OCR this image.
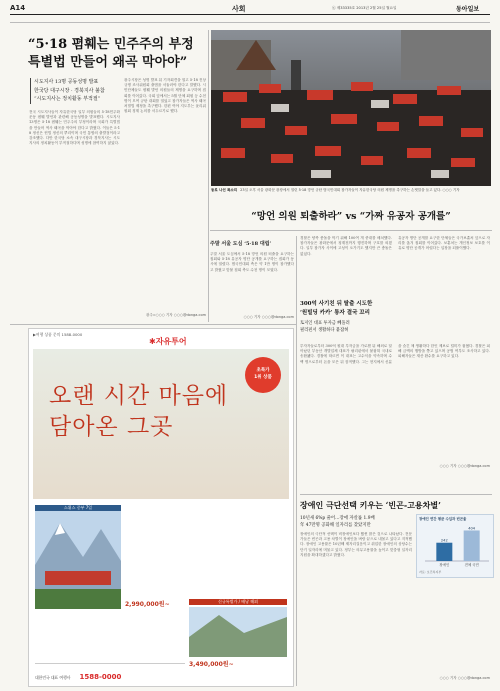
A14	사회	㉢ 제33335호 2013년 2월 25일 월요일	동아일보
“5·18 폄훼는 민주주의 부정
특별법 만들어 왜곡 막아야”
시도지사 13명 공동성명 발표
한국당 대구시장 · 경북지사 불참
“시도지사는 정치활동 부적절”
전국 시도지사들이 자유한국당 일부 의원들의 5·18민주화운동 폄훼 발언과 관련해 공동성명을 발표했다. 시도지사 13명은 5·18 폄훼는 민주주의 부정이라며 국회가 특별법을 만들어 역사 왜곡을 막아야 한다고 밝혔다. 이들은 5·18 정신은 헌법 정신의 뿌리이며 국민 통합의 출발점이라고 강조했다. 다만 한국당 소속 대구시장과 경북지사는 시도지사의 정치활동이 부적절하다며 성명에 참여하지 않았다.
광주시장은 성명 발표 뒤 기자회견을 열고 5·18 진상규명 조사위원회 출범을 서둘러야 한다고 말했다. 시민단체들도 폄훼 발언 의원들의 제명을 요구하며 집회를 이어갔다. 국회 앞에서는 5월 단체 회원 등 수천 명이 모여 규탄 대회를 열었고 참가자들은 역사 왜곡 처벌법 제정을 촉구했다. 한편 여야 지도부는 윤리위원회 징계 논의를 서두르기로 했다.
광주=○○○ 기자 ○○○@donga.com
동로 나선 복소리 23일 오후 서울 광화문 광장에서 열린 5·18 망언 규탄 범국민대회 참가자들이 자유한국당 의원 제명을 촉구하는 손팻말을 들고 있다. ○○○ 기자
“망언 의원 퇴출하라” vs “가짜 유공자 공개를”
주말 서울 도심 ‘5·18 대립’
주말 서울 도심에서 5·18 망언 의원 퇴출을 요구하는 집회와 5·18 유공자 명단 공개를 요구하는 집회가 동시에 열렸다. 범국민대회 측은 약 1만 명이 참가했다고 밝혔고 맞불 집회 측도 수천 명이 모였다.
○○○ 기자 ○○○@donga.com
경찰은 양측 충돌을 막기 위해 100여 개 중대를 배치했다. 참가자들은 광화문에서 청계천까지 행진하며 구호를 외쳤다. 일부 참가자 사이에 고성이 오가기도 했지만 큰 충돌은 없었다.
유공자 명단 공개를 요구한 단체들은 국가보훈처 앞으로 자리를 옮겨 집회를 이어갔다. 보훈처는 개인정보 보호를 이유로 명단 공개가 어렵다는 입장을 되풀이했다.
300억 사기친 뒤 탈출 시도한
‘원빌딩 카카’ 통자 결국 꼬리
토지인 대표 투자금 빼돌려
필리핀서 생활하다 붙잡혀
투자자들로부터 300억 원대 투자금을 가로챈 뒤 해외로 달아났던 부동산 개발업체 대표가 필리핀에서 붙잡혀 국내로 송환됐다. 경찰에 따르면 이 대표는 고수익을 약속하며 수백 명으로부터 돈을 모은 뒤 잠적했다. 그는 현지에서 신분을 숨긴 채 생활하다 한인 제보로 덜미가 잡혔다. 경찰은 피해 금액의 행방을 쫓고 있으며 공범 여부도 조사하고 있다. 피해자들은 재산 환수를 요구하고 있다.
○○○ 기자 ○○○@donga.com
▶여행 상품 문의 1588-0000
✱자유투어
오랜 시간 마음에 담아온 그곳
초특가
1위 상품
스위스 중부 7일
2,990,000원~	신규특별가 / 배낭 해외
3,490,000원~
대한민국 대표 여행사 1588-0000
장애인 극단선택 키우는 ‘빈곤-고용차별’
10년새 6%p 줄어…장애 자살률 1.9배
年 47만명 공화해 일자리를 찾았지만
장애인의 극단적 선택이 비장애인보다 훨씬 많은 것으로 나타났다. 전문가들은 빈곤과 고용 차별이 장애인을 벼랑 끝으로 내몰고 있다고 지적했다. 장애인 고용률은 10년째 제자리걸음이고 취업한 장애인의 상당수는 단기 일자리에 머물고 있다. 정부는 의무고용률을 높이고 맞춤형 일자리 지원을 확대하겠다고 밝혔다.
○○○ 기자 ○○○@donga.com
장애인 연간 평균 수입과 빈곤율
242
장애인
404
전체 국민
자료: 보건복지부
